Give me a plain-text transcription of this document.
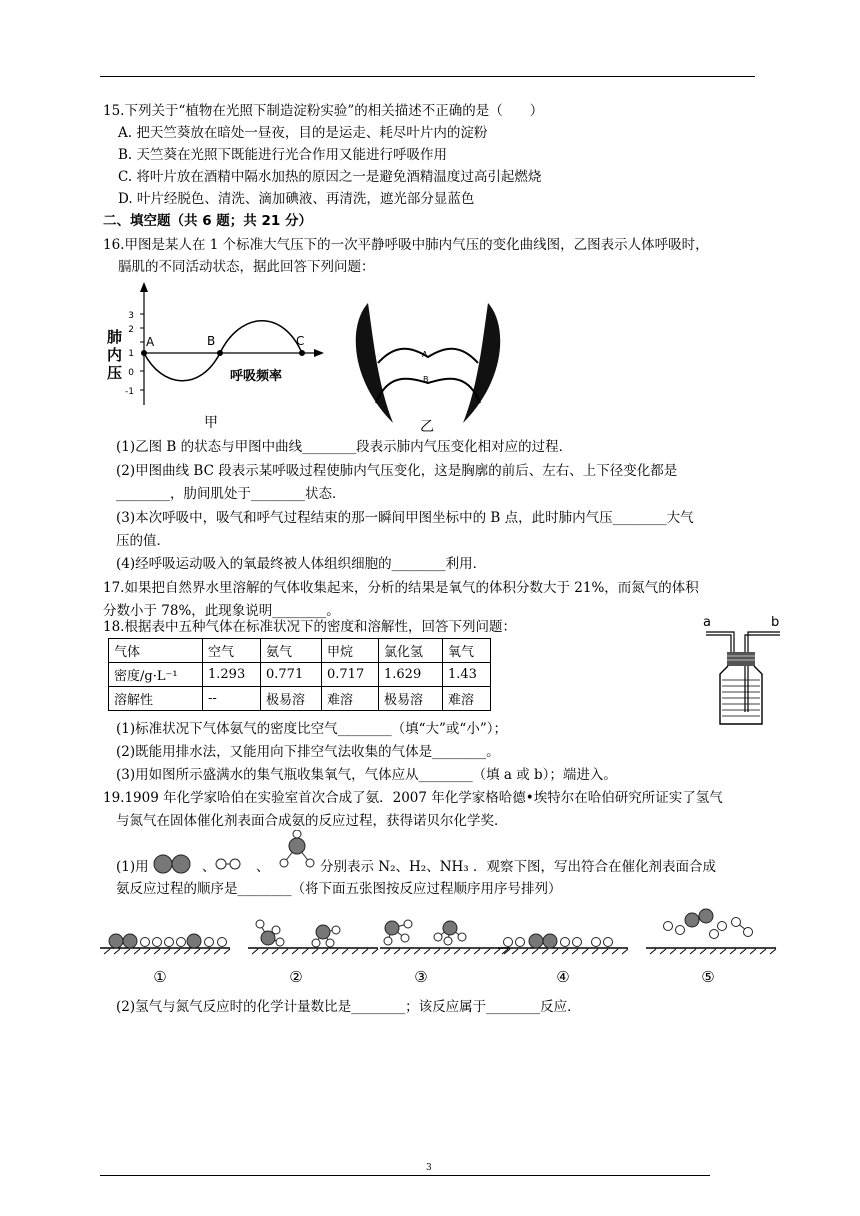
15.下列关于“植物在光照下制造淀粉实验”的相关描述不正确的是（　　）
A. 把天竺葵放在暗处一昼夜，目的是运走、耗尽叶片内的淀粉
B. 天竺葵在光照下既能进行光合作用又能进行呼吸作用
C. 将叶片放在酒精中隔水加热的原因之一是避免酒精温度过高引起燃烧
D. 叶片经脱色、清洗、滴加碘液、再清洗，遮光部分显蓝色
二、填空题（共 6 题；共 21 分）
16.甲图是某人在 1 个标准大气压下的一次平静呼吸中肺内气压的变化曲线图，乙图表示人体呼吸时，
膈肌的不同活动状态，据此回答下列问题：
3
2
1
0
-1
肺
内
压
A	B	C
呼吸频率
甲
A
B
乙
(1)乙图 B 的状态与甲图中曲线________段表示肺内气压变化相对应的过程．
(2)甲图曲线 BC 段表示某呼吸过程使肺内气压变化，这是胸廓的前后、左右、上下径变化都是
________，肋间肌处于________状态．
(3)本次呼吸中，吸气和呼气过程结束的那一瞬间甲图坐标中的 B 点，此时肺内气压________大气
压的值．
(4)经呼吸运动吸入的氧最终被人体组织细胞的________利用．
17.如果把自然界水里溶解的气体收集起来，分析的结果是氧气的体积分数大于 21%，而氮气的体积
分数小于 78%，此现象说明________。
18.根据表中五种气体在标准状况下的密度和溶解性，回答下列问题：
气体	空气	氨气	甲烷	氯化氢	氧气
密度/g·L⁻¹	1.293	0.771	0.717	1.629	1.43
溶解性	--	极易溶	难溶	极易溶	难溶
a	b
(1)标准状况下气体氨气的密度比空气________（填“大”或“小”）；
(2)既能用排水法，又能用向下排空气法收集的气体是________。
(3)用如图所示盛满水的集气瓶收集氧气，气体应从________（填 a 或 b）；端进入。
19.1909 年化学家哈伯在实验室首次合成了氨．2007 年化学家格哈德•埃特尔在哈伯研究所证实了氢气
与氮气在固体催化剂表面合成氨的反应过程，获得诺贝尔化学奖．
(1)用	、	、	分别表示 N₂、H₂、NH₃ ．观察下图，写出符合在催化剂表面合成
氨反应过程的顺序是________（将下面五张图按反应过程顺序用序号排列）
①	②	③	④	⑤
(2)氢气与氮气反应时的化学计量数比是________；该反应属于________反应．
3
